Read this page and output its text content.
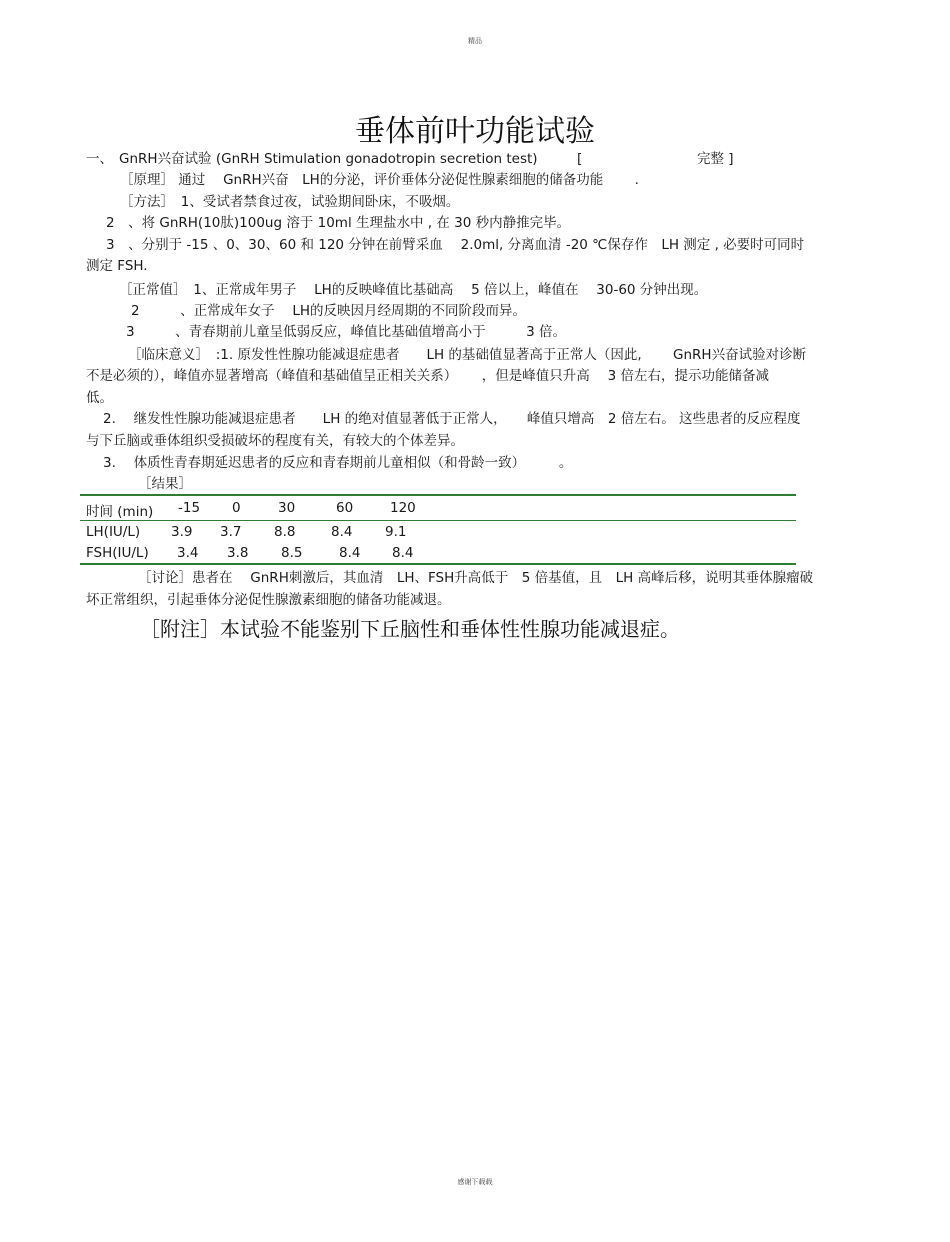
精品
垂体前叶功能试验
一、 GnRH兴奋试验 (GnRH Stimulation gonadotropin secretion test)	[	完整 ]
［原理］ 通过　 GnRH兴奋　LH的分泌，评价垂体分泌促性腺素细胞的储备功能　　 .
［方法］　1、受试者禁食过夜，试验期间卧床，不吸烟。
2　、将 GnRH(10肽)100ug 溶于 10ml 生理盐水中 , 在 30 秒内静推完毕。
3　、分别于 -15 、0、30、60 和 120 分钟在前臂采血　 2.0ml, 分离血清 -20 ℃保存作　LH 测定 , 必要时可同时
测定 FSH.
［正常值］　1、正常成年男子　 LH的反映峰值比基础高　 5 倍以上，峰值在　 30-60 分钟出现。
2　　　、正常成年女子　 LH的反映因月经周期的不同阶段而异。
3　　　、青春期前儿童呈低弱反应，峰值比基础值增高小于　　　3 倍。
［临床意义］　:1. 原发性性腺功能减退症患者　　LH 的基础值显著高于正常人（因此,　　 GnRH兴奋试验对诊断
不是必须的），峰值亦显著增高（峰值和基础值呈正相关关系）　　 ，但是峰值只升高　 3 倍左右，提示功能储备减
低。
2.　 继发性性腺功能减退症患者　　LH 的绝对值显著低于正常人，　　峰值只增高　2 倍左右。 这些患者的反应程度
与下丘脑或垂体组织受损破坏的程度有关，有较大的个体差异。
3.　 体质性青春期延迟患者的反应和青春期前儿童相似（和骨龄一致）　　　。
［结果］
时间 (min) -15 0	30	60	120
LH(IU/L) 3.9 3.7 8.8	8.4 9.1
FSH(IU/L) 3.4 3.8 8.5	8.4 8.4
［讨论］患者在　 GnRH刺激后，其血清　LH、FSH升高低于　5 倍基值，且　LH 高峰后移，说明其垂体腺瘤破
坏正常组织，引起垂体分泌促性腺激素细胞的储备功能减退。
［附注］本试验不能鉴别下丘脑性和垂体性性腺功能减退症。
感谢下载载
